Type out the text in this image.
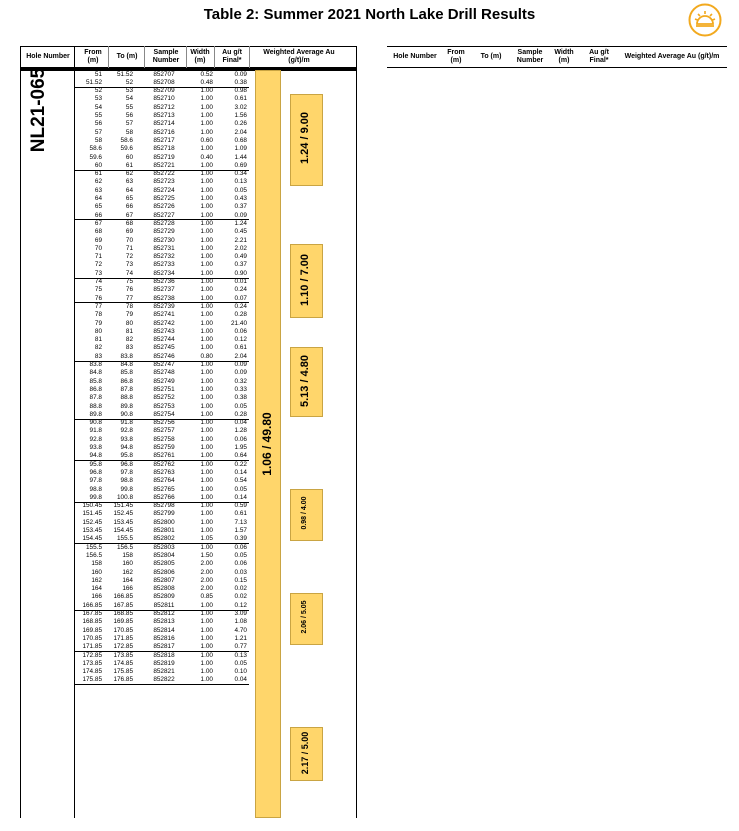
Table 2: Summer 2021 North Lake Drill Results
Hole Number
From (m)
To (m)
Sample Number
Width (m)
Au g/t Final*
Weighted Average Au (g/t)/m
Hole Number
From (m)
To (m)
Sample Number
Width (m)
Au g/t Final*
Weighted Average Au (g/t)/m
NL21-065
1.06 / 49.80
1.24 / 9.00
1.10 / 7.00
5.13 / 4.80
0.98 / 4.00
2.06 / 5.05
2.17 / 5.00
51	51.52	852707	0.52	0.09
51.52	52	852708	0.48	0.38
52	53	852709	1.00	0.98
53	54	852710	1.00	0.61
54	55	852712	1.00	3.02
55	56	852713	1.00	1.56
56	57	852714	1.00	0.26
57	58	852716	1.00	2.04
58	58.6	852717	0.60	0.68
58.6	59.6	852718	1.00	1.09
59.6	60	852719	0.40	1.44
60	61	852721	1.00	0.69
61	62	852722	1.00	0.34
62	63	852723	1.00	0.13
63	64	852724	1.00	0.05
64	65	852725	1.00	0.43
65	66	852726	1.00	0.37
66	67	852727	1.00	0.09
67	68	852728	1.00	1.24
68	69	852729	1.00	0.45
69	70	852730	1.00	2.21
70	71	852731	1.00	2.02
71	72	852732	1.00	0.49
72	73	852733	1.00	0.37
73	74	852734	1.00	0.90
74	75	852736	1.00	0.01
75	76	852737	1.00	0.24
76	77	852738	1.00	0.07
77	78	852739	1.00	0.24
78	79	852741	1.00	0.28
79	80	852742	1.00	21.40
80	81	852743	1.00	0.06
81	82	852744	1.00	0.12
82	83	852745	1.00	0.61
83	83.8	852746	0.80	2.04
83.8	84.8	852747	1.00	0.09
84.8	85.8	852748	1.00	0.09
85.8	86.8	852749	1.00	0.32
86.8	87.8	852751	1.00	0.33
87.8	88.8	852752	1.00	0.38
88.8	89.8	852753	1.00	0.05
89.8	90.8	852754	1.00	0.28
90.8	91.8	852756	1.00	0.04
91.8	92.8	852757	1.00	1.28
92.8	93.8	852758	1.00	0.06
93.8	94.8	852759	1.00	1.95
94.8	95.8	852761	1.00	0.64
95.8	96.8	852762	1.00	0.22
96.8	97.8	852763	1.00	0.14
97.8	98.8	852764	1.00	0.54
98.8	99.8	852765	1.00	0.05
99.8	100.8	852766	1.00	0.14
150.45	151.45	852798	1.00	0.59
151.45	152.45	852799	1.00	0.61
152.45	153.45	852800	1.00	7.13
153.45	154.45	852801	1.00	1.57
154.45	155.5	852802	1.05	0.39
155.5	156.5	852803	1.00	0.06
156.5	158	852804	1.50	0.05
158	160	852805	2.00	0.06
160	162	852806	2.00	0.03
162	164	852807	2.00	0.15
164	166	852808	2.00	0.02
166	166.85	852809	0.85	0.02
166.85	167.85	852811	1.00	0.12
167.85	168.85	852812	1.00	3.09
168.85	169.85	852813	1.00	1.08
169.85	170.85	852814	1.00	4.70
170.85	171.85	852816	1.00	1.21
171.85	172.85	852817	1.00	0.77
172.85	173.85	852818	1.00	0.13
173.85	174.85	852819	1.00	0.05
174.85	175.85	852821	1.00	0.10
175.85	176.85	852822	1.00	0.04
